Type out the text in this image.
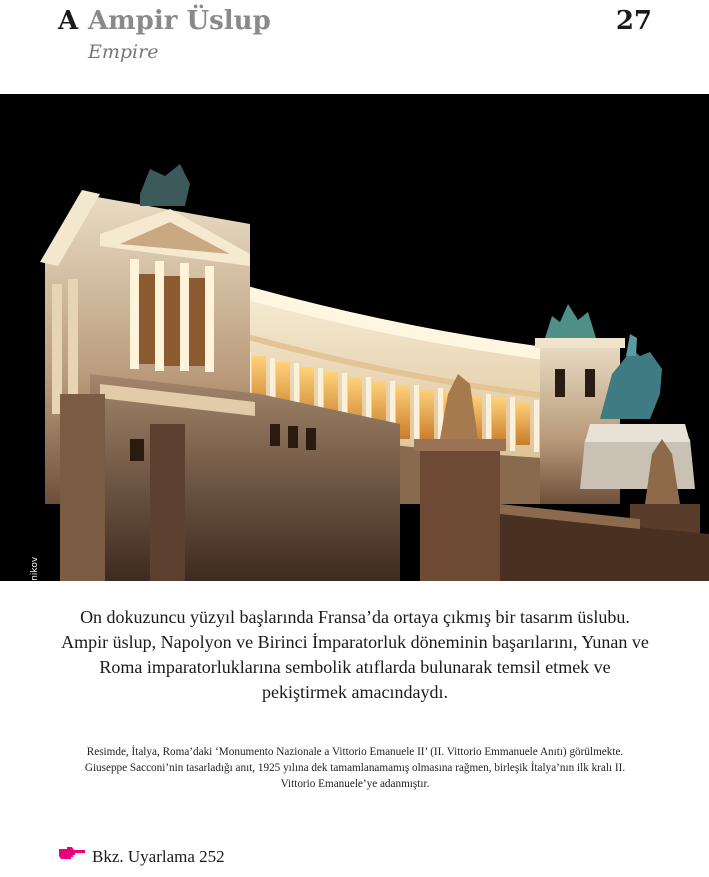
A Ampir Üslup
Empire
27
Eugene Moglnikov	On dokuzuncu yüzyıl başlarında Fransa’da ortaya çıkmış bir tasarım üslubu. Ampir üslup, Napolyon ve Birinci İmparatorluk döneminin başarılarını, Yunan ve Roma imparatorluklarına sembolik atıflarda bulunarak temsil etmek ve pekiştirmek amacındaydı.

Resimde, İtalya, Roma’daki ‘Monumento Nazionale a Vittorio Emanuele II’ (II. Vittorio Emmanuele Anıtı) görülmekte. Giuseppe Sacconi’nin tasarladığı anıt, 1925 yılına dek tamamlanamamış olmasına rağmen, birleşik İtalya’nın ilk kralı II. Vittorio Emanuele’ye adanmıştır.

Bkz. Uyarlama 252
